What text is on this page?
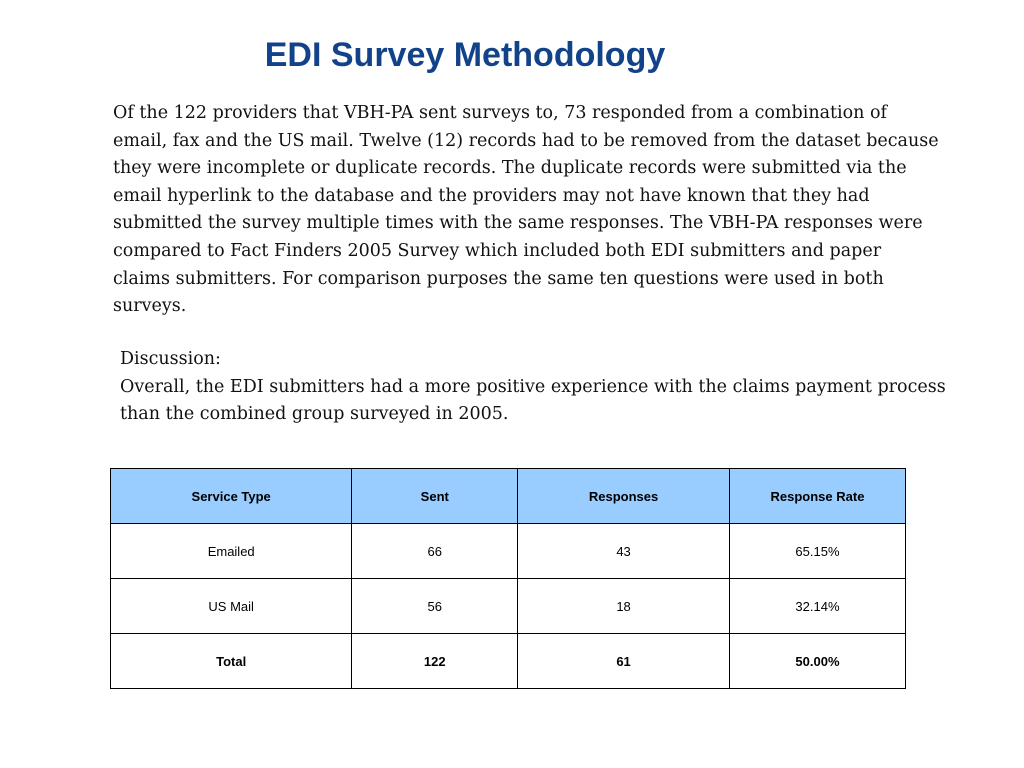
EDI Survey Methodology

Of the 122 providers that VBH-PA sent surveys to, 73 responded from a combination of email, fax and the US mail. Twelve (12) records had to be removed from the dataset because they were incomplete or duplicate records. The duplicate records were submitted via the email hyperlink to the database and the providers may not have known that they had submitted the survey multiple times with the same responses. The VBH-PA responses were compared to Fact Finders 2005 Survey which included both EDI submitters and paper claims submitters. For comparison purposes the same ten questions were used in both surveys.

Discussion:

Overall, the EDI submitters had a more positive experience with the claims payment process than the combined group surveyed in 2005.

Service Type	Sent	Responses	Response Rate
Emailed	66	43	65.15%
US Mail	56	18	32.14%
Total	122	61	50.00%
